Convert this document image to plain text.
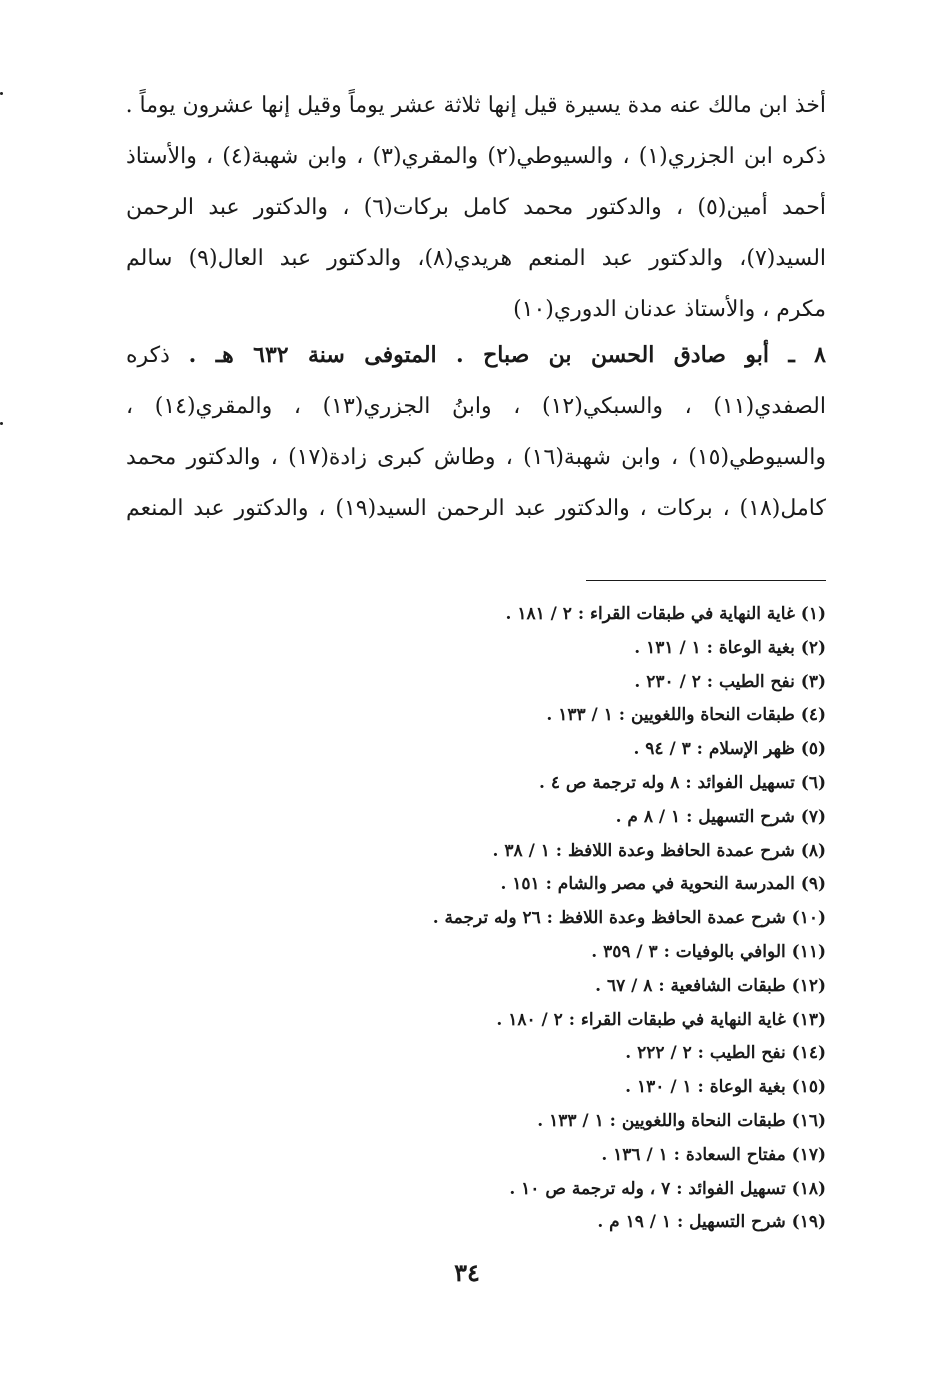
أخذ ابن مالك عنه مدة يسيرة قيل إنها ثلاثة عشر يوماً وقيل إنها عشرون يوماً .
ذكره ابن الجزري(١) ، والسيوطي(٢) والمقري(٣) ، وابن شهبة(٤) ، والأستاذ
أحمد أمين(٥) ، والدكتور محمد كامل بركات(٦) ، والدكتور عبد الرحمن
السيد(٧)، والدكتور عبد المنعم هريدي(٨)، والدكتور عبد العال(٩) سالم
مكرم ، والأستاذ عدنان الدوري(١٠)
٨ ـ أبو صادق الحسن بن صباح . المتوفى سنة ٦٣٢ هـ . ذكره
الصفدي(١١) ، والسبكي(١٢) ، وابنُ الجزري(١٣) ، والمقري(١٤) ،
والسيوطي(١٥) ، وابن شهبة(١٦) ، وطاش كبرى زادة(١٧) ، والدكتور محمد
كامل(١٨) ، بركات ، والدكتور عبد الرحمن السيد(١٩) ، والدكتور عبد المنعم
(١) غاية النهاية في طبقات القراء : ٢ / ١٨١ .
(٢) بغية الوعاة : ١ / ١٣١ .
(٣) نفح الطيب : ٢ / ٢٣٠ .
(٤) طبقات النحاة واللغويين : ١ / ١٣٣ .
(٥) ظهر الإسلام : ٣ / ٩٤ .
(٦) تسهيل الفوائد : ٨ وله ترجمة ص ٤ .
(٧) شرح التسهيل : ١ / ٨ م .
(٨) شرح عمدة الحافظ وعدة اللافظ : ١ / ٣٨ .
(٩) المدرسة النحوية في مصر والشام : ١٥١ .
(١٠) شرح عمدة الحافظ وعدة اللافظ : ٢٦ وله ترجمة .
(١١) الوافي بالوفيات : ٣ / ٣٥٩ .
(١٢) طبقات الشافعية : ٨ / ٦٧ .
(١٣) غاية النهاية في طبقات القراء : ٢ / ١٨٠ .
(١٤) نفح الطيب : ٢ / ٢٢٢ .
(١٥) بغية الوعاة : ١ / ١٣٠ .
(١٦) طبقات النحاة واللغويين : ١ / ١٣٣ .
(١٧) مفتاح السعادة : ١ / ١٣٦ .
(١٨) تسهيل الفوائد : ٧ ، وله ترجمة ص ١٠ .
(١٩) شرح التسهيل : ١ / ١٩ م .
٣٤
